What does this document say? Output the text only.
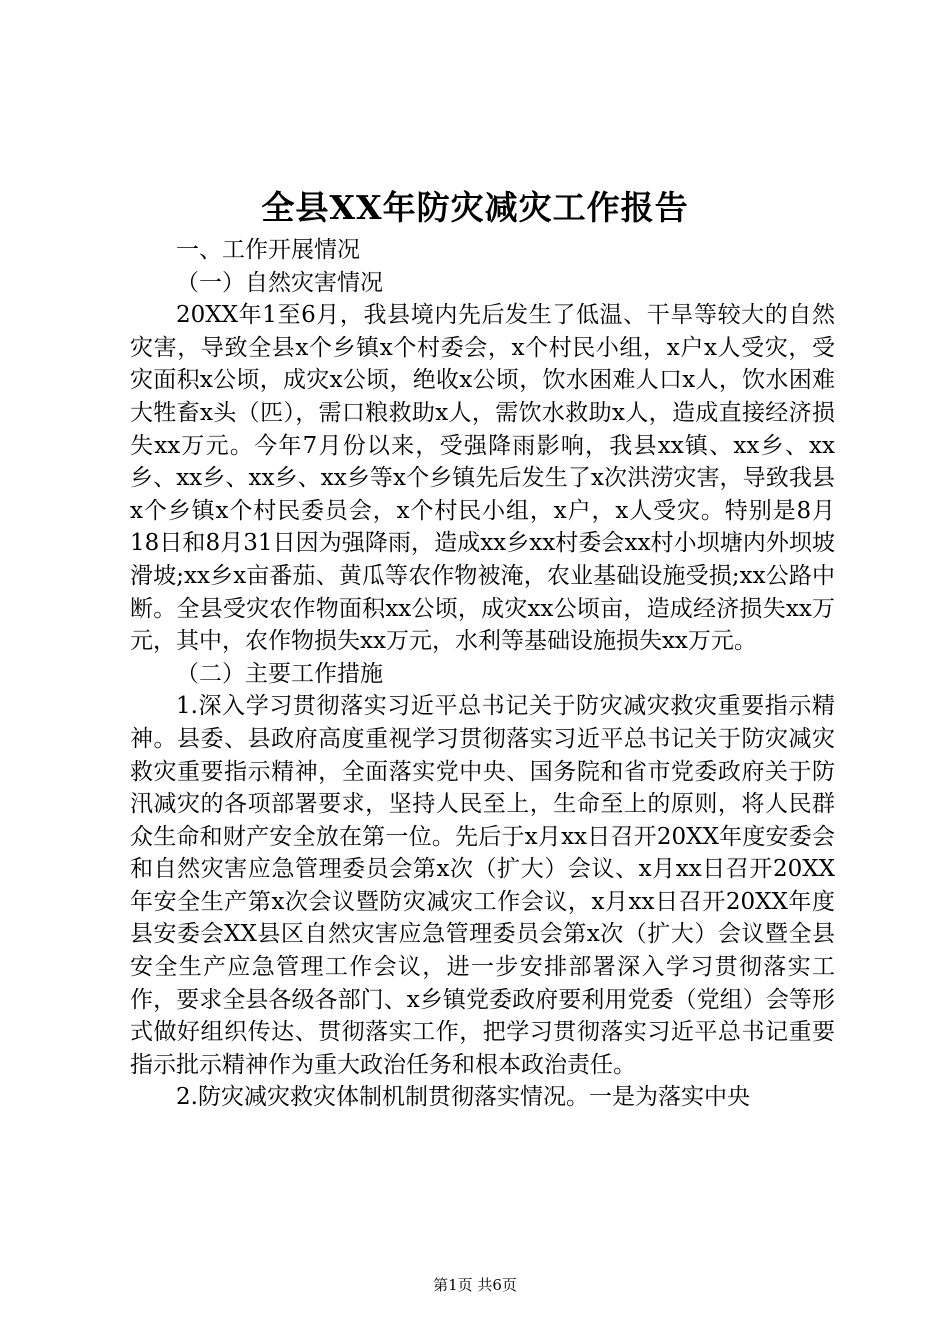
全县XX年防灾减灾工作报告

一、工作开展情况

（一）自然灾害情况

20XX年1至6月，我县境内先后发生了低温、干旱等较大的自然灾害，导致全县x个乡镇x个村委会，x个村民小组，x户x人受灾，受灾面积x公顷，成灾x公顷，绝收x公顷，饮水困难人口x人，饮水困难大牲畜x头（匹），需口粮救助x人，需饮水救助x人，造成直接经济损失xx万元。今年7月份以来，受强降雨影响，我县xx镇、xx乡、xx乡、xx乡、xx乡、xx乡等x个乡镇先后发生了x次洪涝灾害，导致我县x个乡镇x个村民委员会，x个村民小组，x户，x人受灾。特别是8月18日和8月31日因为强降雨，造成xx乡xx村委会xx村小坝塘内外坝坡滑坡;xx乡x亩番茄、黄瓜等农作物被淹，农业基础设施受损;xx公路中断。全县受灾农作物面积xx公顷，成灾xx公顷亩，造成经济损失xx万元，其中，农作物损失xx万元，水利等基础设施损失xx万元。

（二）主要工作措施

1.深入学习贯彻落实习近平总书记关于防灾减灾救灾重要指示精神。县委、县政府高度重视学习贯彻落实习近平总书记关于防灾减灾救灾重要指示精神，全面落实党中央、国务院和省市党委政府关于防汛减灾的各项部署要求，坚持人民至上，生命至上的原则，将人民群众生命和财产安全放在第一位。先后于x月xx日召开20XX年度安委会和自然灾害应急管理委员会第x次（扩大）会议、x月xx日召开20XX年安全生产第x次会议暨防灾减灾工作会议，x月xx日召开20XX年度县安委会XX县区自然灾害应急管理委员会第x次（扩大）会议暨全县安全生产应急管理工作会议，进一步安排部署深入学习贯彻落实工作，要求全县各级各部门、x乡镇党委政府要利用党委（党组）会等形式做好组织传达、贯彻落实工作，把学习贯彻落实习近平总书记重要指示批示精神作为重大政治任务和根本政治责任。

2.防灾减灾救灾体制机制贯彻落实情况。一是为落实中央

第1页 共6页
